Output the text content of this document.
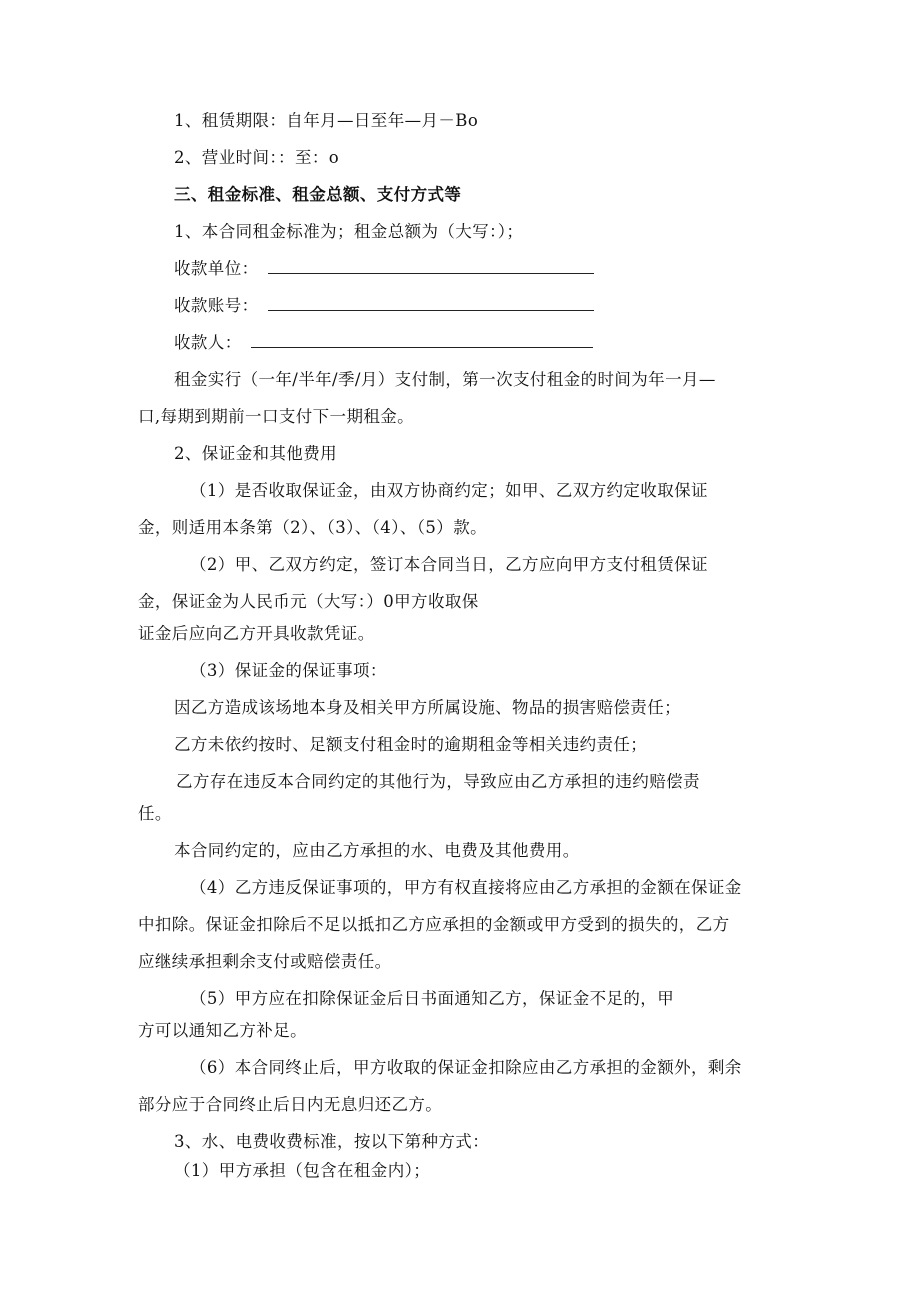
1、租赁期限：自年月—日至年—月－Bo
2、营业时间：：至：o
三、租金标准、租金总额、支付方式等
1、本合同租金标准为；租金总额为（大写：）；
收款单位：
收款账号：
收款人：
租金实行（一年/半年/季/月）支付制，第一次支付租金的时间为年一月—
口,每期到期前一口支付下一期租金。
2、保证金和其他费用
（1）是否收取保证金，由双方协商约定；如甲、乙双方约定收取保证
金，则适用本条第（2）、（3）、（4）、（5）款。
（2）甲、乙双方约定，签订本合同当日，乙方应向甲方支付租赁保证
金，保证金为人民币元（大写：）0甲方收取保
证金后应向乙方开具收款凭证。
（3）保证金的保证事项：
因乙方造成该场地本身及相关甲方所属设施、物品的损害赔偿责任；
乙方未依约按时、足额支付租金时的逾期租金等相关违约责任；
乙方存在违反本合同约定的其他行为，导致应由乙方承担的违约赔偿责
任。
本合同约定的，应由乙方承担的水、电费及其他费用。
（4）乙方违反保证事项的，甲方有权直接将应由乙方承担的金额在保证金
中扣除。保证金扣除后不足以抵扣乙方应承担的金额或甲方受到的损失的，乙方
应继续承担剩余支付或赔偿责任。
（5）甲方应在扣除保证金后日书面通知乙方，保证金不足的，甲
方可以通知乙方补足。
（6）本合同终止后，甲方收取的保证金扣除应由乙方承担的金额外，剩余
部分应于合同终止后日内无息归还乙方。
3、水、电费收费标准，按以下第种方式：
（1）甲方承担（包含在租金内）；
